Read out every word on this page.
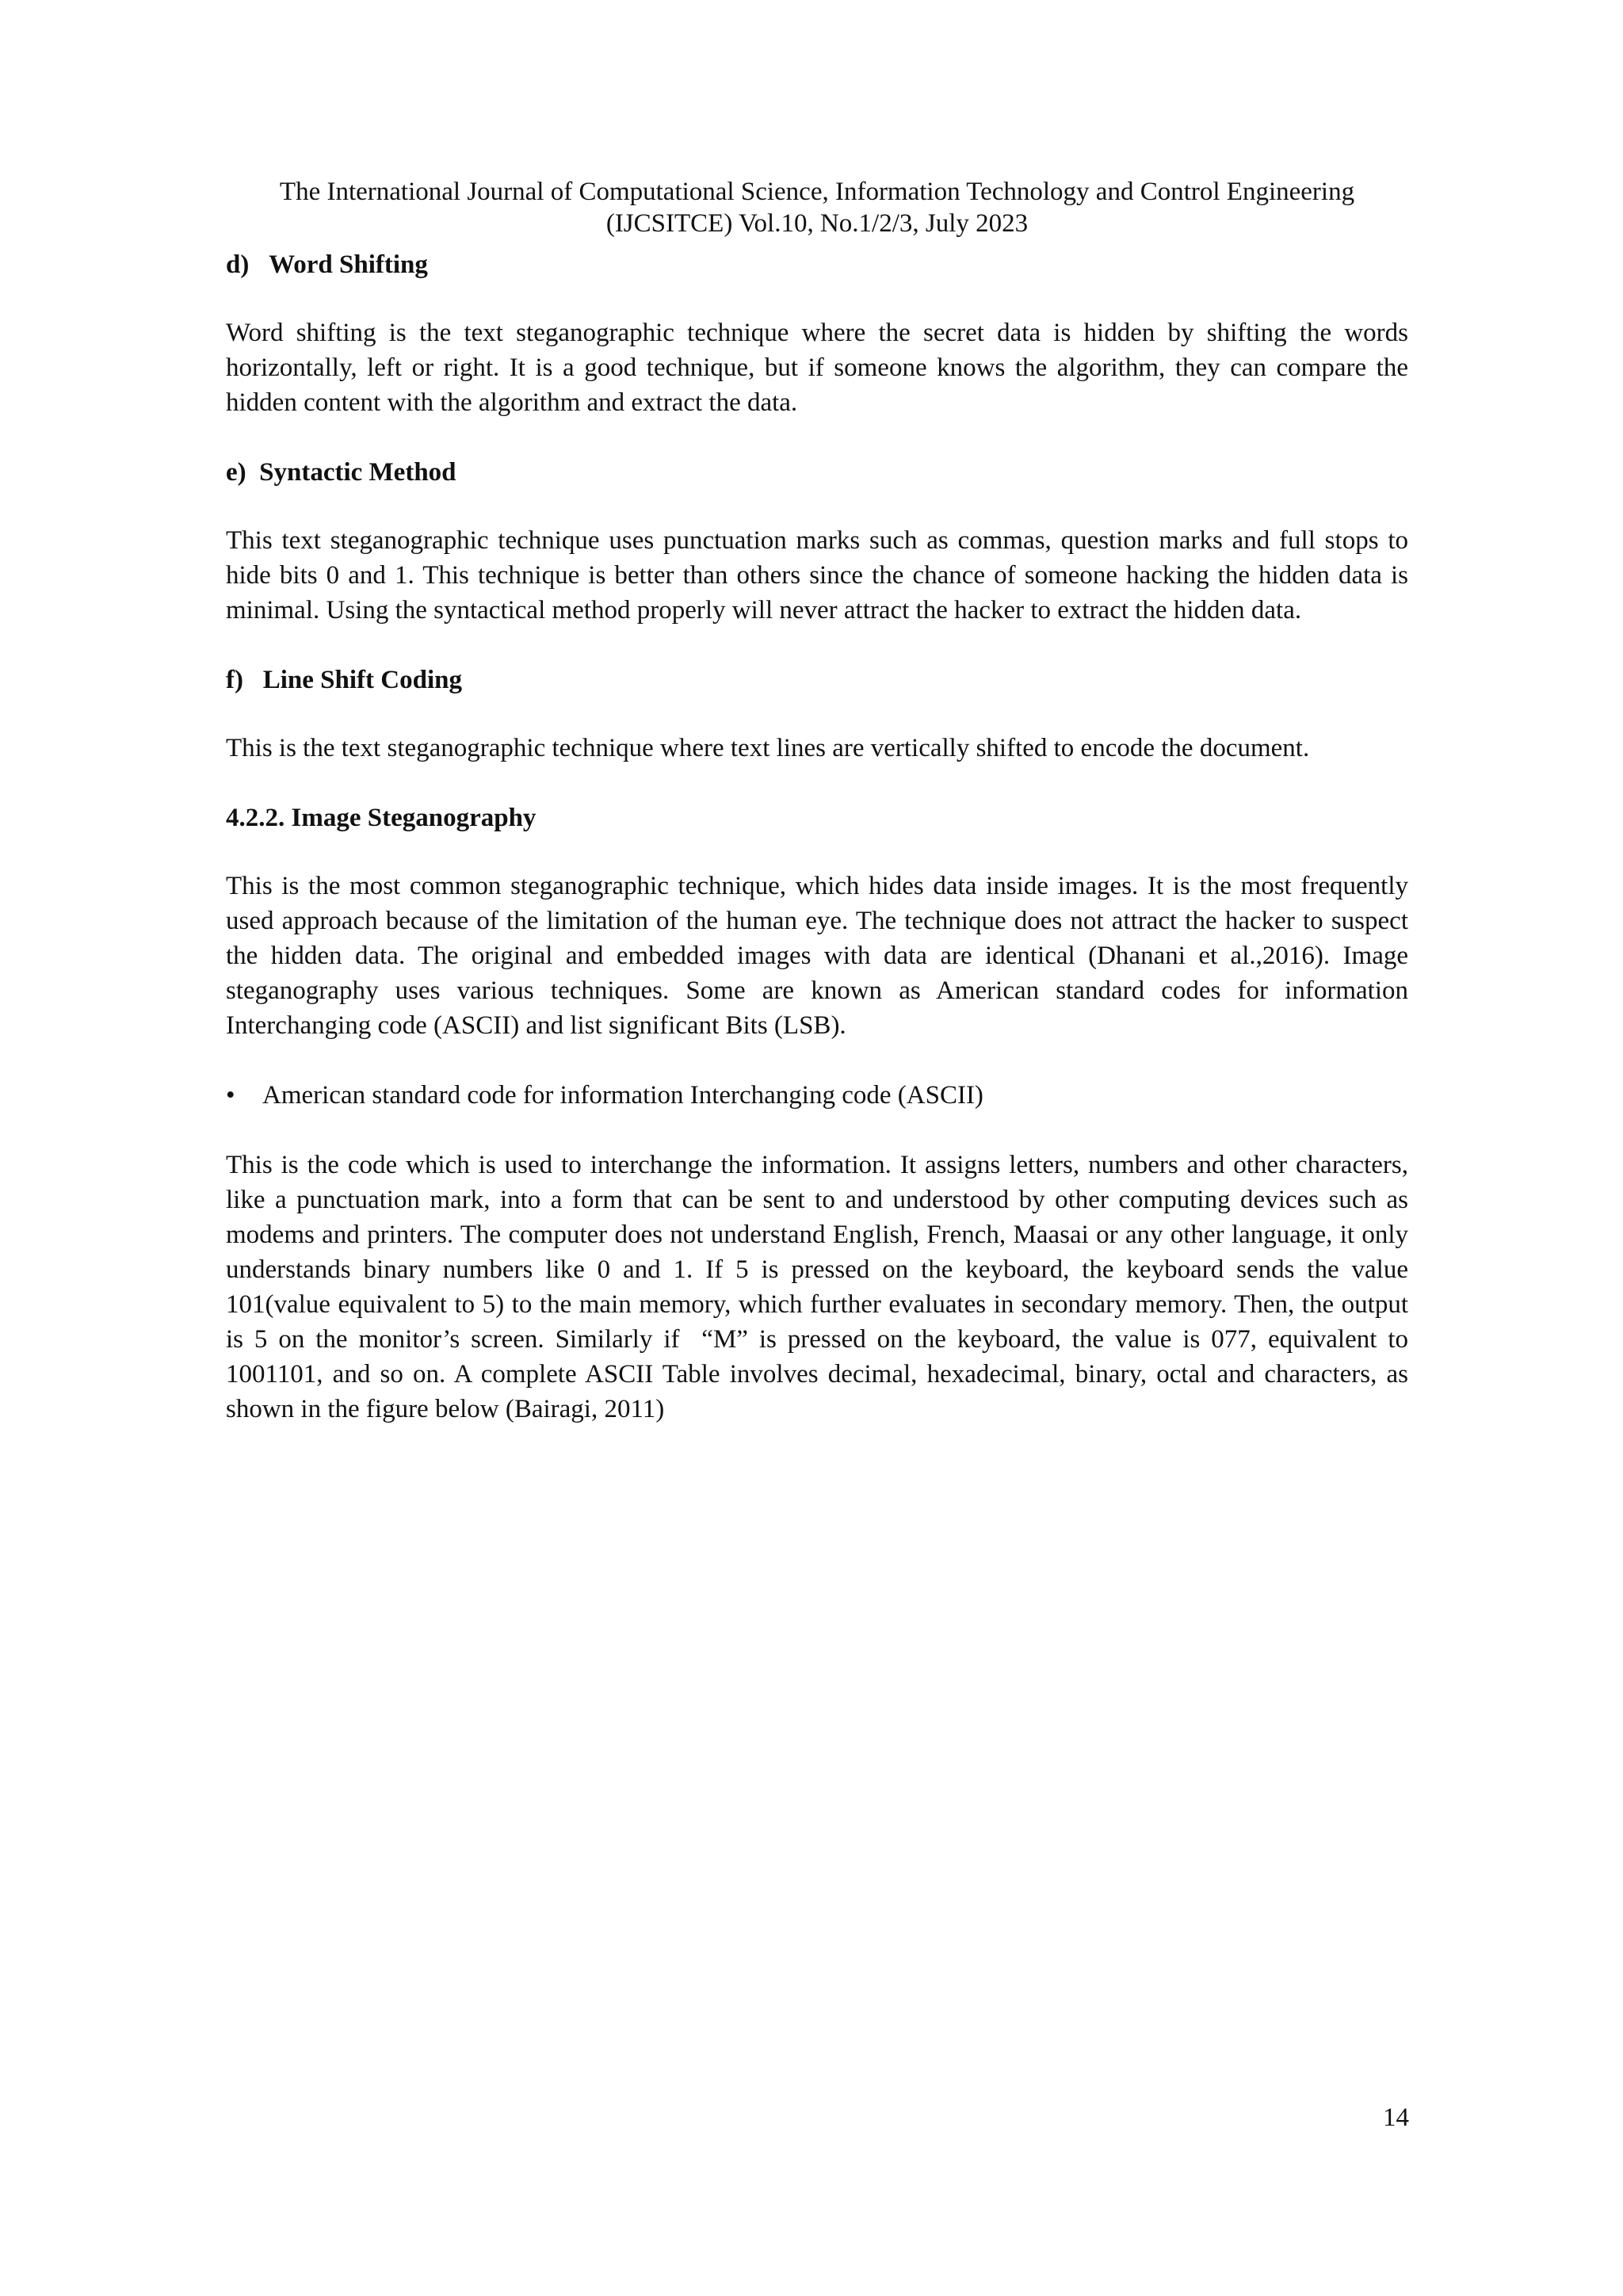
The International Journal of Computational Science, Information Technology and Control Engineering
(IJCSITCE) Vol.10, No.1/2/3, July 2023

d)   Word Shifting

Word shifting is the text steganographic technique where the secret data is hidden by shifting the words horizontally, left or right. It is a good technique, but if someone knows the algorithm, they can compare the hidden content with the algorithm and extract the data.

e)  Syntactic Method

This text steganographic technique uses punctuation marks such as commas, question marks and full stops to hide bits 0 and 1. This technique is better than others since the chance of someone hacking the hidden data is minimal. Using the syntactical method properly will never attract the hacker to extract the hidden data.

f)   Line Shift Coding

This is the text steganographic technique where text lines are vertically shifted to encode the document.

4.2.2. Image Steganography

This is the most common steganographic technique, which hides data inside images. It is the most frequently used approach because of the limitation of the human eye. The technique does not attract the hacker to suspect the hidden data. The original and embedded images with data are identical (Dhanani et al.,2016). Image steganography uses various techniques. Some are known as American standard codes for information Interchanging code (ASCII) and list significant Bits (LSB).

•	American standard code for information Interchanging code (ASCII)

This is the code which is used to interchange the information. It assigns letters, numbers and other characters, like a punctuation mark, into a form that can be sent to and understood by other computing devices such as modems and printers. The computer does not understand English, French, Maasai or any other language, it only understands binary numbers like 0 and 1. If 5 is pressed on the keyboard, the keyboard sends the value 101(value equivalent to 5) to the main memory, which further evaluates in secondary memory. Then, the output is 5 on the monitor’s screen. Similarly if  “M” is pressed on the keyboard, the value is 077, equivalent to 1001101, and so on. A complete ASCII Table involves decimal, hexadecimal, binary, octal and characters, as shown in the figure below (Bairagi, 2011)

14
